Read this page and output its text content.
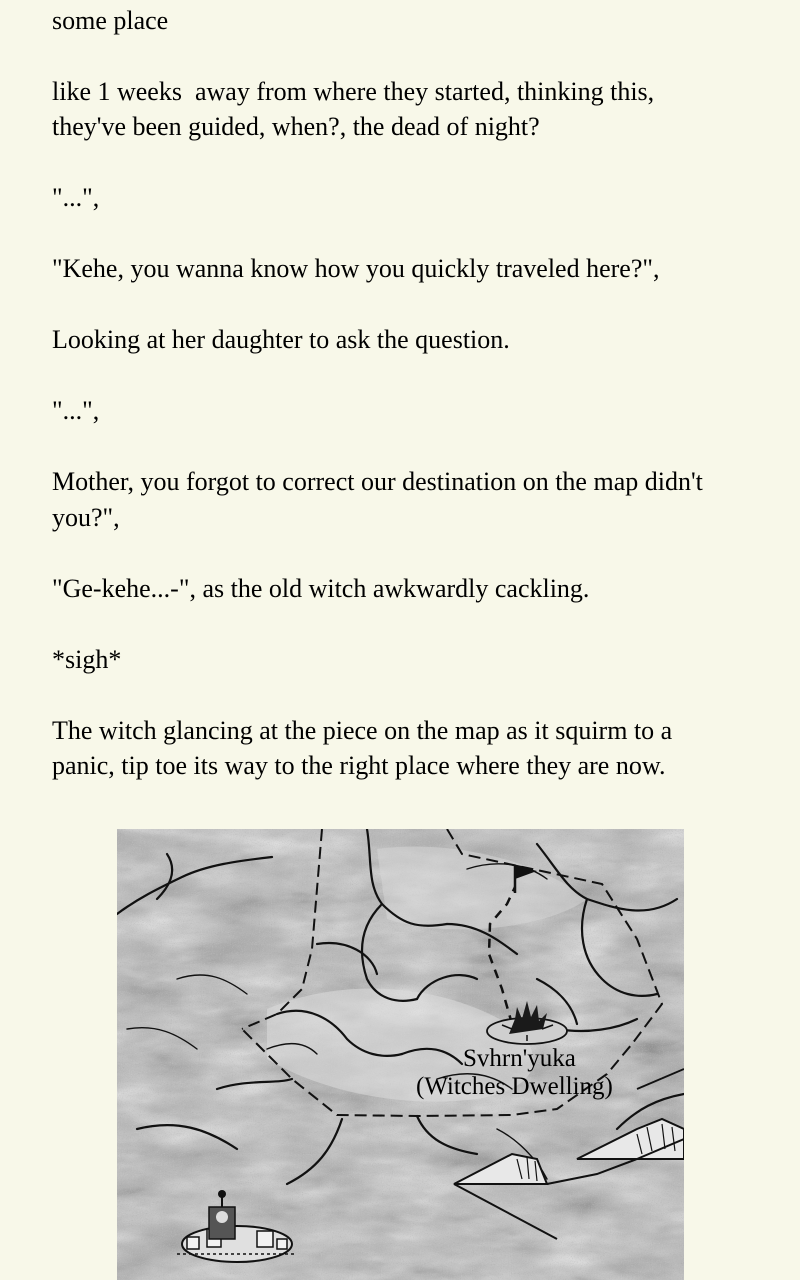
some place

like 1 weeks  away from where they started, thinking this, they've been guided, when?, the dead of night?

"...",

"Kehe, you wanna know how you quickly traveled here?",

Looking at her daughter to ask the question.

"...",

Mother, you forgot to correct our destination on the map didn't you?",

"Ge-kehe...-", as the old witch awkwardly cackling.

*sigh*

The witch glancing at the piece on the map as it squirm to a panic, tip toe its way to the right place where they are now.

Svhrn'yuka
(Witches Dwelling)
